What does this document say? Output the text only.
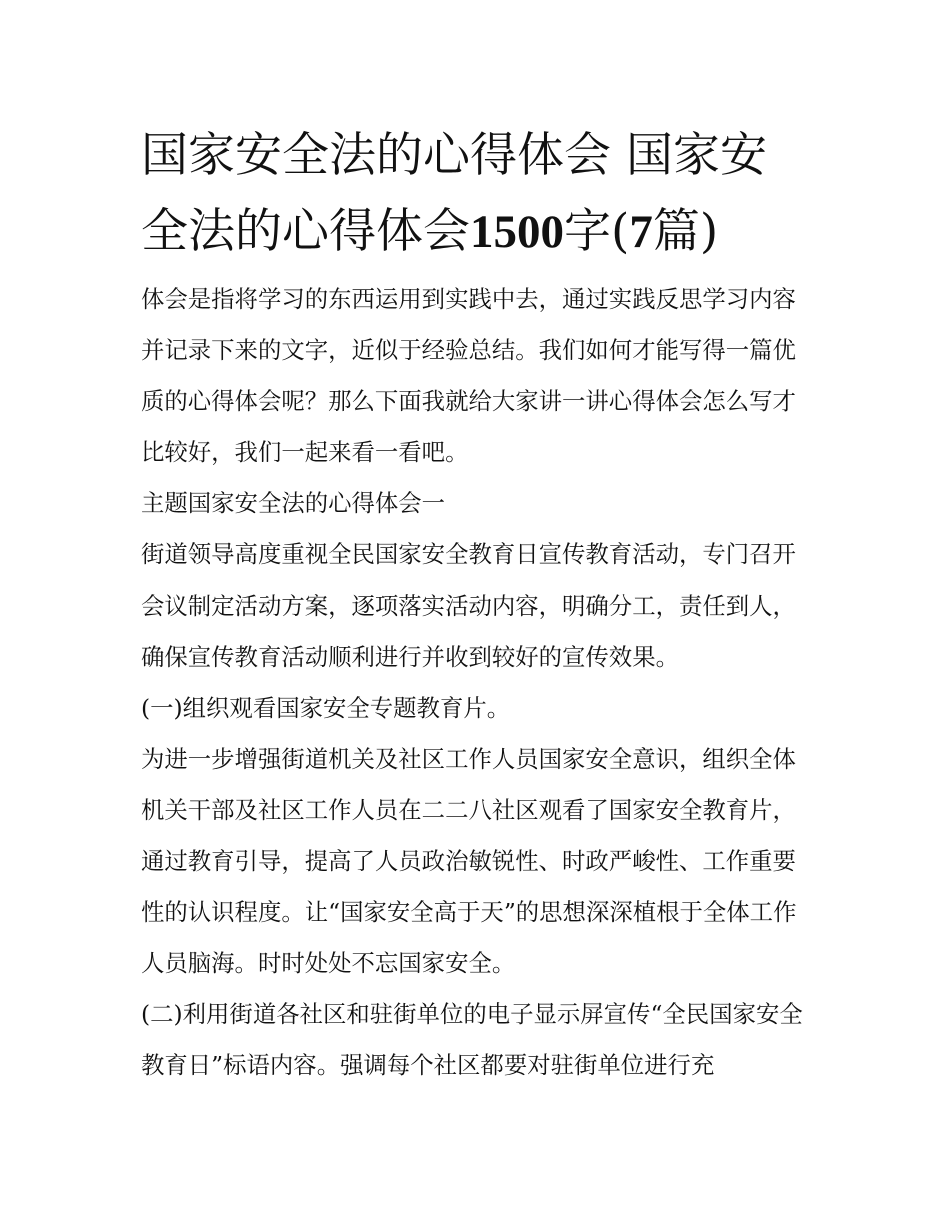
国家安全法的心得体会 国家安全法的心得体会1500字(7篇)

体会是指将学习的东西运用到实践中去，通过实践反思学习内容并记录下来的文字，近似于经验总结。我们如何才能写得一篇优质的心得体会呢？那么下面我就给大家讲一讲心得体会怎么写才比较好，我们一起来看一看吧。

主题国家安全法的心得体会一

街道领导高度重视全民国家安全教育日宣传教育活动，专门召开会议制定活动方案，逐项落实活动内容，明确分工，责任到人，确保宣传教育活动顺利进行并收到较好的宣传效果。

(一)组织观看国家安全专题教育片。

为进一步增强街道机关及社区工作人员国家安全意识，组织全体机关干部及社区工作人员在二二八社区观看了国家安全教育片，通过教育引导，提高了人员政治敏锐性、时政严峻性、工作重要性的认识程度。让“国家安全高于天”的思想深深植根于全体工作人员脑海。时时处处不忘国家安全。

(二)利用街道各社区和驻街单位的电子显示屏宣传“全民国家安全教育日”标语内容。强调每个社区都要对驻街单位进行充
